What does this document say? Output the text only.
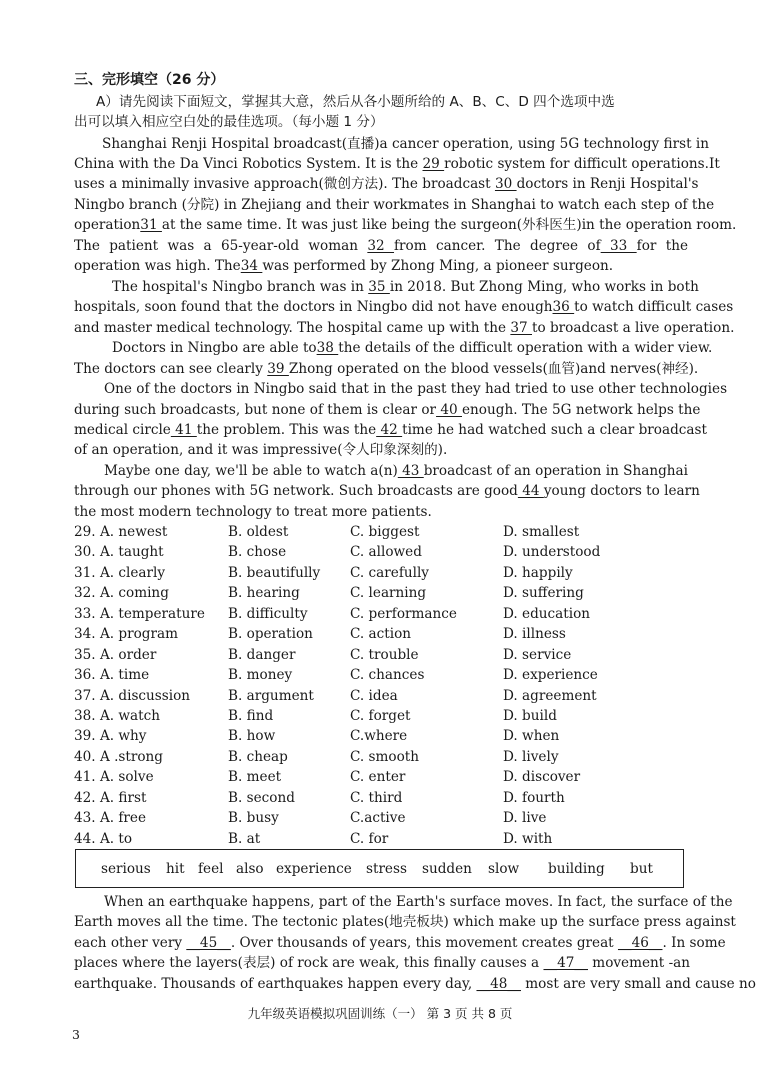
三、完形填空（26 分）
A）请先阅读下面短文，掌握其大意，然后从各小题所给的 A、B、C、D 四个选项中选
出可以填入相应空白处的最佳选项。（每小题 1 分）
Shanghai Renji Hospital broadcast(直播)a cancer operation, using 5G technology first in
China with the Da Vinci Robotics System. It is the 29 robotic system for difficult operations.It
uses a minimally invasive approach(微创方法). The broadcast 30 doctors in Renji Hospital's
Ningbo branch (分院) in Zhejiang and their workmates in Shanghai to watch each step of the
operation31 at the same time. It was just like being the surgeon(外科医生)in the operation room.
The patient was a 65-year-old woman 32 from cancer. The degree of 33 for the
operation was high. The34 was performed by Zhong Ming, a pioneer surgeon.
The hospital's Ningbo branch was in 35 in 2018. But Zhong Ming, who works in both
hospitals, soon found that the doctors in Ningbo did not have enough36 to watch difficult cases
and master medical technology. The hospital came up with the 37 to broadcast a live operation.
Doctors in Ningbo are able to38 the details of the difficult operation with a wider view.
The doctors can see clearly 39 Zhong operated on the blood vessels(血管)and nerves(神经).
One of the doctors in Ningbo said that in the past they had tried to use other technologies
during such broadcasts, but none of them is clear or 40 enough. The 5G network helps the
medical circle 41 the problem. This was the 42 time he had watched such a clear broadcast
of an operation, and it was impressive(令人印象深刻的).
Maybe one day, we'll be able to watch a(n) 43 broadcast of an operation in Shanghai
through our phones with 5G network. Such broadcasts are good 44 young doctors to learn
the most modern technology to treat more patients.
29. A. newest	B. oldest	C. biggest	D. smallest
30. A. taught	B. chose	C. allowed	D. understood
31. A. clearly	B. beautifully C. carefully	D. happily
32. A. coming	B. hearing	C. learning	D. suffering
33. A. temperature B. difficulty	C. performance	D. education
34. A. program	B. operation	C. action	D. illness
35. A. order	B. danger	C. trouble	D. service
36. A. time	B. money	C. chances	D. experience
37. A. discussion	B. argument	C. idea	D. agreement
38. A. watch	B. find	C. forget	D. build
39. A. why	B. how	C.where	D. when
40. A .strong	B. cheap	C. smooth	D. lively
41. A. solve	B. meet	C. enter	D. discover
42. A. first	B. second	C. third	D. fourth
43. A. free	B. busy	C.active	D. live
44. A. to	B. at	C. for	D. with
serious hit feel also experience stress sudden slow building but
When an earthquake happens, part of the Earth's surface moves. In fact, the surface of the
Earth moves all the time. The tectonic plates(地壳板块) which make up the surface press against
each other very __45__. Over thousands of years, this movement creates great __46__. In some
places where the layers(表层) of rock are weak, this finally causes a __47__ movement -an
earthquake. Thousands of earthquakes happen every day, __48__ most are very small and cause no
九年级英语模拟巩固训练（一） 第 3 页 共 8 页
3
